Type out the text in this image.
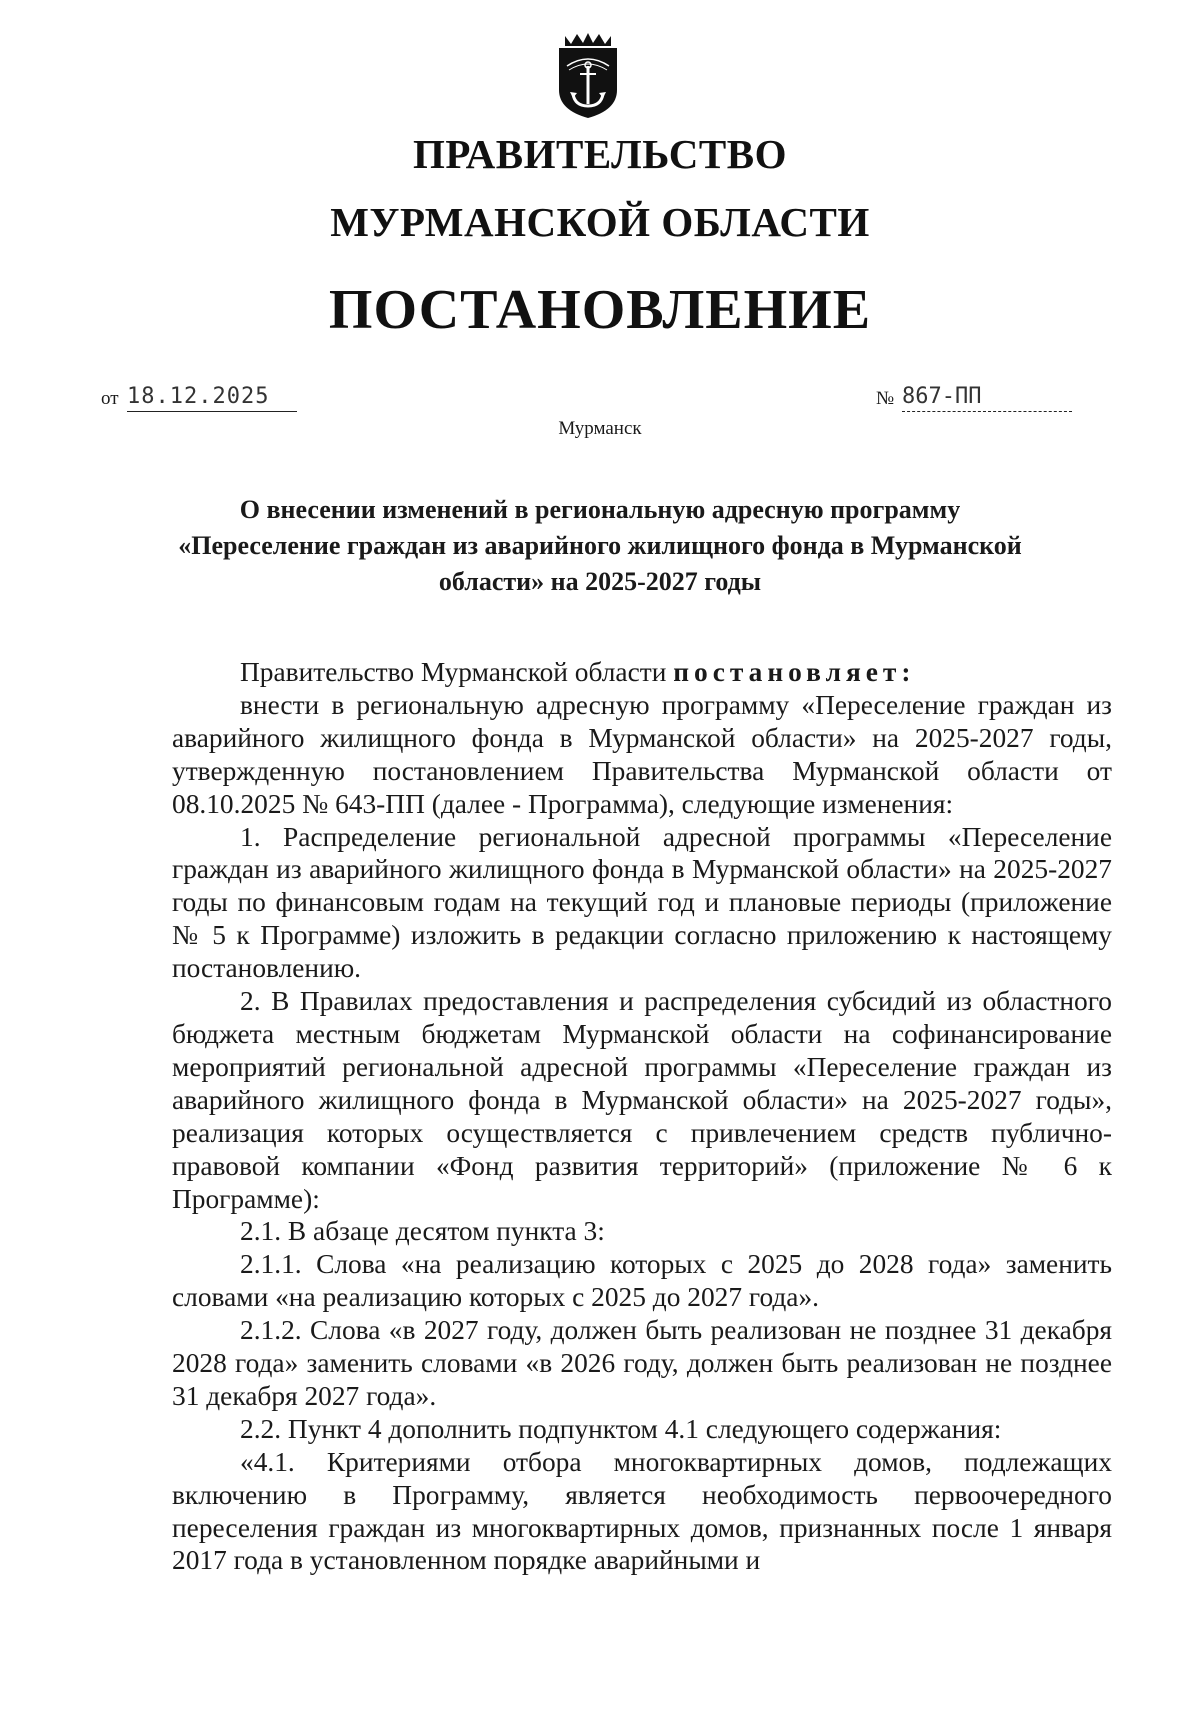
ПРАВИТЕЛЬСТВО
МУРМАНСКОЙ ОБЛАСТИ
ПОСТАНОВЛЕНИЕ
от 18.12.2025	№ 867-ПП
Мурманск
О внесении изменений в региональную адресную программу
«Переселение граждан из аварийного жилищного фонда в Мурманской
области» на 2025-2027 годы

Правительство Мурманской области постановляет:

внести в региональную адресную программу «Переселение граждан из аварийного жилищного фонда в Мурманской области» на 2025-2027 годы, утвержденную постановлением Правительства Мурманской области от 08.10.2025 № 643-ПП (далее - Программа), следующие изменения:

1. Распределение региональной адресной программы «Переселение граждан из аварийного жилищного фонда в Мурманской области» на 2025-2027 годы по финансовым годам на текущий год и плановые периоды (приложение № 5 к Программе) изложить в редакции согласно приложению к настоящему постановлению.

2. В Правилах предоставления и распределения субсидий из областного бюджета местным бюджетам Мурманской области на софинансирование мероприятий региональной адресной программы «Переселение граждан из аварийного жилищного фонда в Мурманской области» на 2025-2027 годы», реализация которых осуществляется с привлечением средств публично-правовой компании «Фонд развития территорий» (приложение № 6 к Программе):

2.1. В абзаце десятом пункта 3:

2.1.1. Слова «на реализацию которых с 2025 до 2028 года» заменить словами «на реализацию которых с 2025 до 2027 года».

2.1.2. Слова «в 2027 году, должен быть реализован не позднее 31 декабря 2028 года» заменить словами «в 2026 году, должен быть реализован не позднее 31 декабря 2027 года».

2.2. Пункт 4 дополнить подпунктом 4.1 следующего содержания:

«4.1. Критериями отбора многоквартирных домов, подлежащих включению в Программу, является необходимость первоочередного переселения граждан из многоквартирных домов, признанных после 1 января 2017 года в установленном порядке аварийными и
